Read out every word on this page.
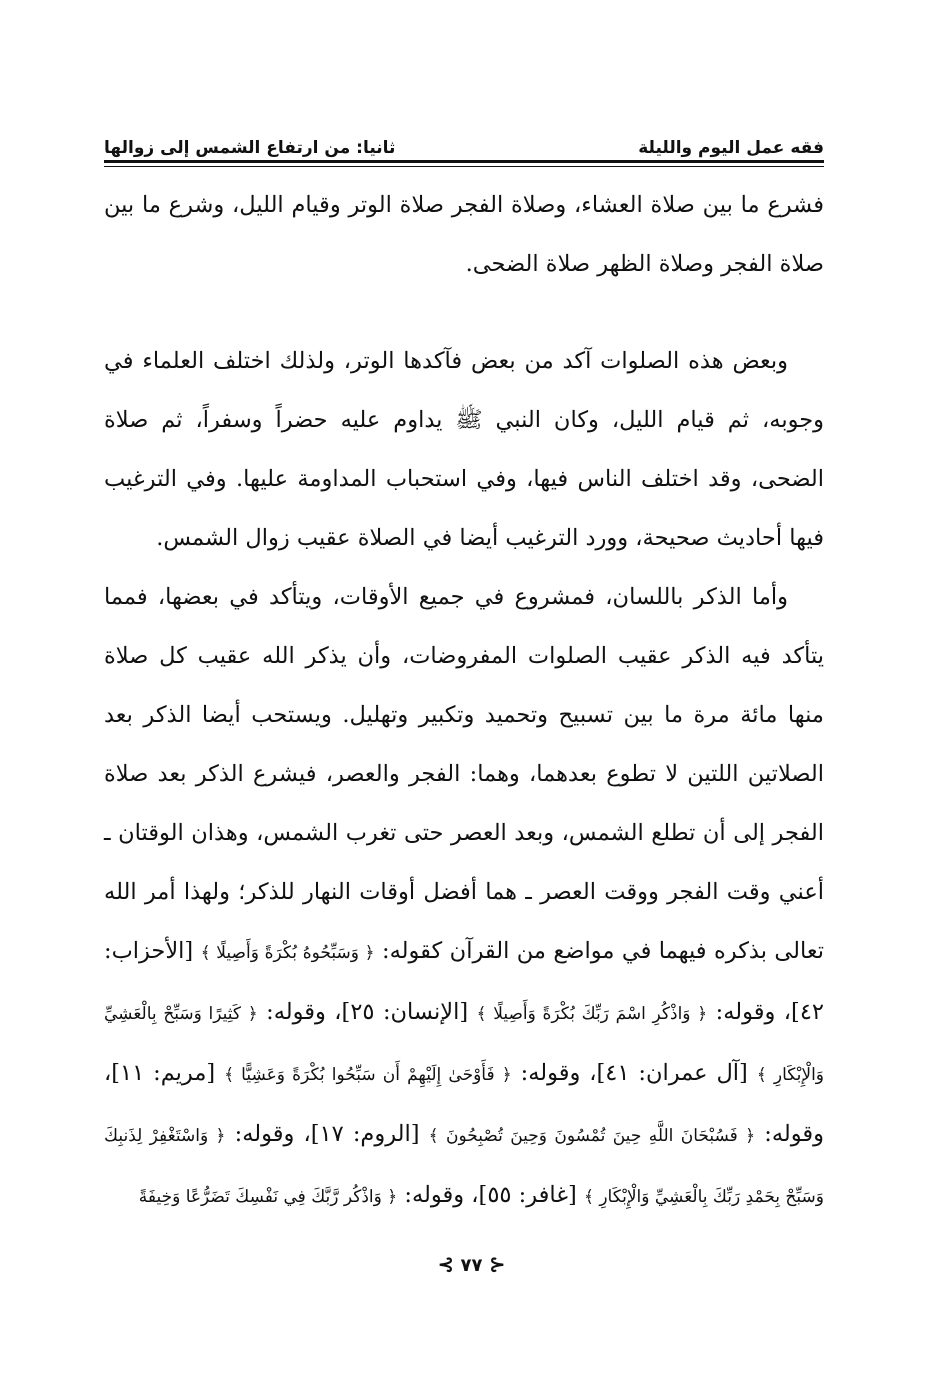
فقه عمل اليوم والليلة
ثانيا: من ارتفاع الشمس إلى زوالها

فشرع ما بين صلاة العشاء، وصلاة الفجر صلاة الوتر وقيام الليل، وشرع ما بين صلاة الفجر وصلاة الظهر صلاة الضحى.

وبعض هذه الصلوات آكد من بعض فآكدها الوتر، ولذلك اختلف العلماء في وجوبه، ثم قيام الليل، وكان النبي ﷺ يداوم عليه حضراً وسفراً، ثم صلاة الضحى، وقد اختلف الناس فيها، وفي استحباب المداومة عليها. وفي الترغيب فيها أحاديث صحيحة، وورد الترغيب أيضا في الصلاة عقيب زوال الشمس.

وأما الذكر باللسان، فمشروع في جميع الأوقات، ويتأكد في بعضها، فمما يتأكد فيه الذكر عقيب الصلوات المفروضات، وأن يذكر الله عقيب كل صلاة منها مائة مرة ما بين تسبيح وتحميد وتكبير وتهليل. ويستحب أيضا الذكر بعد الصلاتين اللتين لا تطوع بعدهما، وهما: الفجر والعصر، فيشرع الذكر بعد صلاة الفجر إلى أن تطلع الشمس، وبعد العصر حتى تغرب الشمس، وهذان الوقتان ـ أعني وقت الفجر ووقت العصر ـ هما أفضل أوقات النهار للذكر؛ ولهذا أمر الله تعالى بذكره فيهما في مواضع من القرآن كقوله: ﴿ وَسَبِّحُوهُ بُكْرَةً وَأَصِيلًا ﴾ [الأحزاب: ٤٢]، وقوله: ﴿ وَاذْكُرِ اسْمَ رَبِّكَ بُكْرَةً وَأَصِيلًا ﴾ [الإنسان: ٢٥]، وقوله: ﴿ كَثِيرًا وَسَبِّحْ بِالْعَشِيِّ وَالْإِبْكَارِ ﴾ [آل عمران: ٤١]، وقوله: ﴿ فَأَوْحَىٰ إِلَيْهِمْ أَن سَبِّحُوا بُكْرَةً وَعَشِيًّا ﴾ [مريم: ١١]، وقوله: ﴿ فَسُبْحَانَ اللَّهِ حِينَ تُمْسُونَ وَحِينَ تُصْبِحُونَ ﴾ [الروم: ١٧]، وقوله: ﴿ وَاسْتَغْفِرْ لِذَنبِكَ وَسَبِّحْ بِحَمْدِ رَبِّكَ بِالْعَشِيِّ وَالْإِبْكَارِ ﴾ [غافر: ٥٥]، وقوله: ﴿ وَاذْكُر رَّبَّكَ فِي نَفْسِكَ تَضَرُّعًا وَخِيفَةً

⊰ ٧٧ ⊱
